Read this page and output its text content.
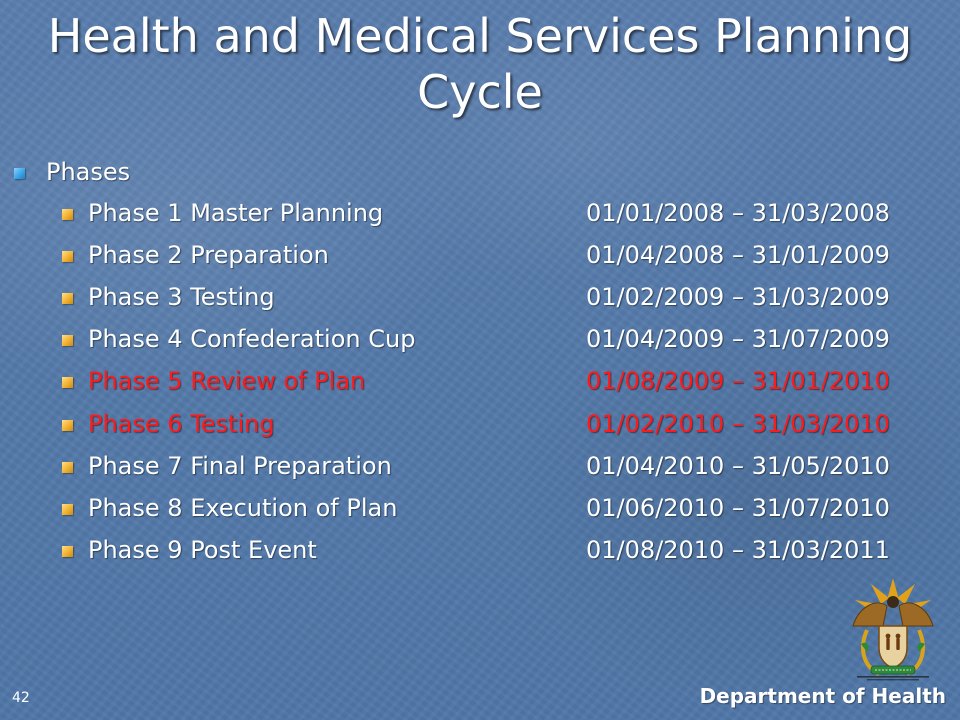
Health and Medical Services Planning Cycle
Phases
Phase 1 Master Planning	01/01/2008 – 31/03/2008
Phase 2 Preparation	01/04/2008 – 31/01/2009
Phase 3 Testing	01/02/2009 – 31/03/2009
Phase 4 Confederation Cup	01/04/2009 – 31/07/2009
Phase 5 Review of Plan	01/08/2009 – 31/01/2010
Phase 6 Testing	01/02/2010 – 31/03/2010
Phase 7 Final Preparation	01/04/2010 – 31/05/2010
Phase 8 Execution of Plan	01/06/2010 – 31/07/2010
Phase 9 Post Event	01/08/2010 – 31/03/2011
42	Department of Health
